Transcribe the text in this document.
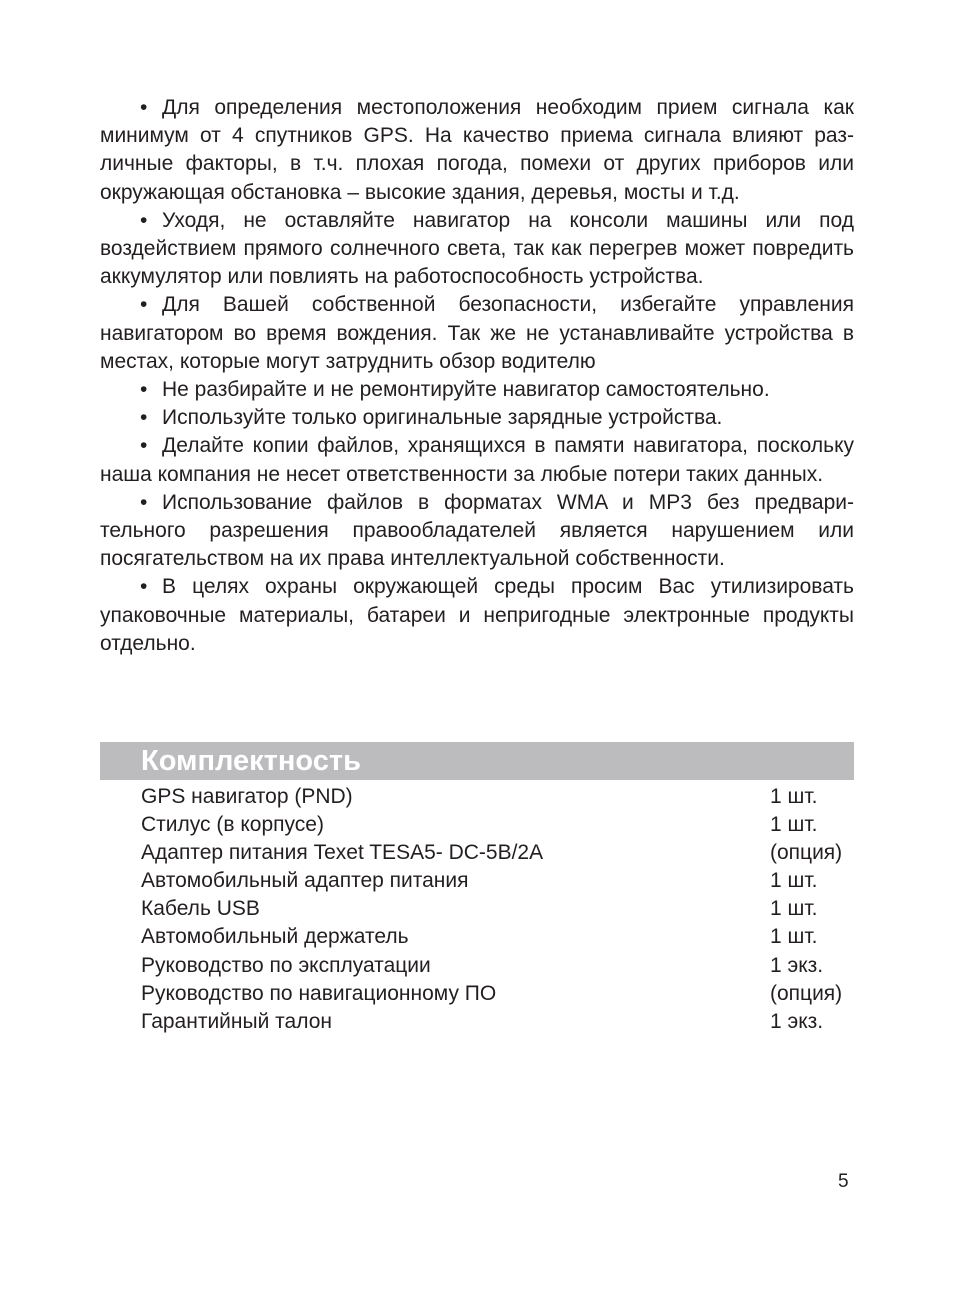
• Для определения местоположения необходим прием сигнала как минимум от 4 спутников GPS. На качество приема сигнала влияют различные факторы, в т.ч. плохая погода, помехи от других приборов или окружающая обстановка – высокие здания, деревья, мосты и т.д.

• Уходя, не оставляйте навигатор на консоли машины или под воздействием прямого солнечного света, так как перегрев может повредить аккумулятор или повлиять на работоспособность устройства.

• Для Вашей собственной безопасности, избегайте управления навигатором во время вождения. Так же не устанавливайте устройства в местах, которые могут затруднить обзор водителю

• Не разбирайте и не ремонтируйте навигатор самостоятельно.

• Используйте только оригинальные зарядные устройства.

• Делайте копии файлов, хранящихся в памяти навигатора, поскольку наша компания не несет ответственности за любые потери таких данных.

• Использование файлов в форматах WMA и MP3 без предварительного разрешения правообладателей является нарушением или посягательством на их права интеллектуальной собственности.

• В целях охраны окружающей среды просим Вас утилизировать упаковочные материалы, батареи и непригодные электронные продукты отдельно.

Комплектность
GPS навигатор (PND)	1 шт.
Стилус (в корпусе)	1 шт.
Адаптер питания Texet TESA5- DC-5B/2A	(опция)
Автомобильный адаптер питания	1 шт.
Кабель USB	1 шт.
Автомобильный держатель	1 шт.
Руководство по эксплуатации	1 экз.
Руководство по навигационному ПО	(опция)
Гарантийный талон	1 экз.
5
